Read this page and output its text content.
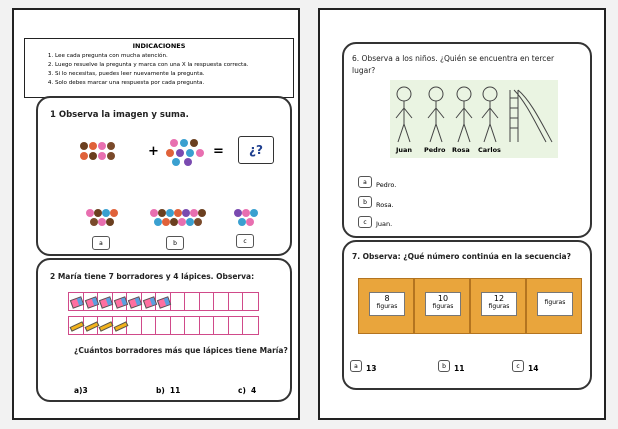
INDICACIONES
1. Lee cada pregunta con mucha atención.
2. Luego resuelve la pregunta y marca con una X la respuesta correcta.
3. Si lo necesitas, puedes leer nuevamente la pregunta.
4. Solo debes marcar una respuesta por cada pregunta.
1 Observa la imagen y suma.
+	=	¿?
a	b	c
2 María tiene 7 borradores y 4 lápices. Observa:
¿Cuántos borradores más que lápices tiene María?
a)3	b) 11	c) 4
6. Observa a los niños. ¿Quién se encuentra en tercer
lugar?
Juan Pedro Rosa Carlos
a	Pedro.
b	Rosa.
c	Juan.
7. Observa: ¿Qué número continúa en la secuencia?
8
figuras
10
figuras
12
figuras
figuras
a	13	b	11	c	14
